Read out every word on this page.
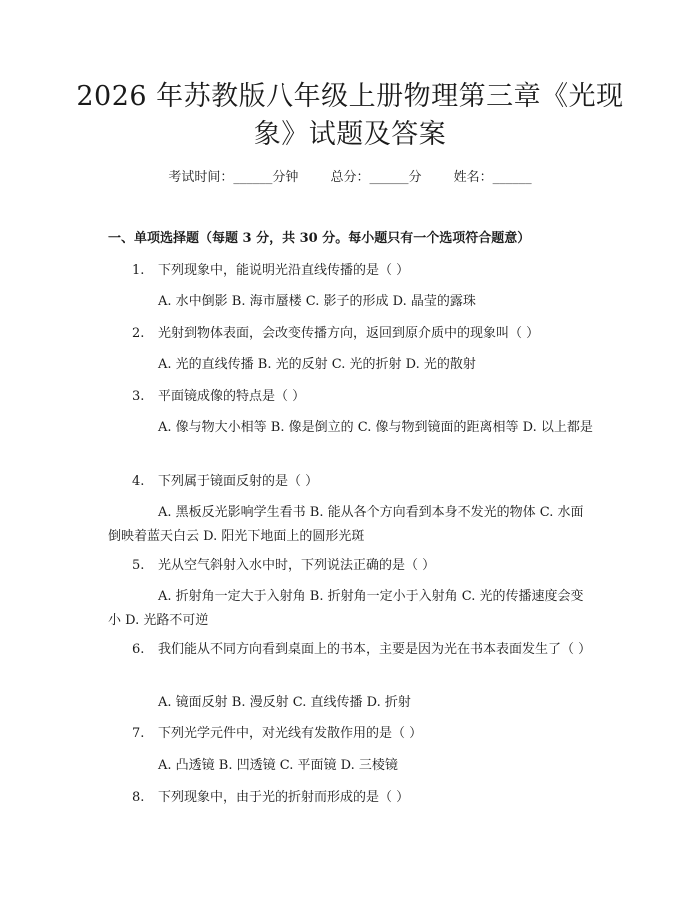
2026 年苏教版八年级上册物理第三章《光现象》试题及答案
考试时间：______分钟 总分：______分 姓名：______
一、单项选择题（每题 3 分，共 30 分。每小题只有一个选项符合题意）
1. 下列现象中，能说明光沿直线传播的是（ ）
A. 水中倒影 B. 海市蜃楼 C. 影子的形成 D. 晶莹的露珠
2. 光射到物体表面，会改变传播方向，返回到原介质中的现象叫（ ）
A. 光的直线传播 B. 光的反射 C. 光的折射 D. 光的散射
3. 平面镜成像的特点是（ ）
A. 像与物大小相等 B. 像是倒立的 C. 像与物到镜面的距离相等 D. 以上都是
4. 下列属于镜面反射的是（ ）
A. 黑板反光影响学生看书 B. 能从各个方向看到本身不发光的物体 C. 水面倒映着蓝天白云 D. 阳光下地面上的圆形光斑
5. 光从空气斜射入水中时，下列说法正确的是（ ）
A. 折射角一定大于入射角 B. 折射角一定小于入射角 C. 光的传播速度会变小 D. 光路不可逆
6. 我们能从不同方向看到桌面上的书本，主要是因为光在书本表面发生了（ ）
A. 镜面反射 B. 漫反射 C. 直线传播 D. 折射
7. 下列光学元件中，对光线有发散作用的是（ ）
A. 凸透镜 B. 凹透镜 C. 平面镜 D. 三棱镜
8. 下列现象中，由于光的折射而形成的是（ ）
